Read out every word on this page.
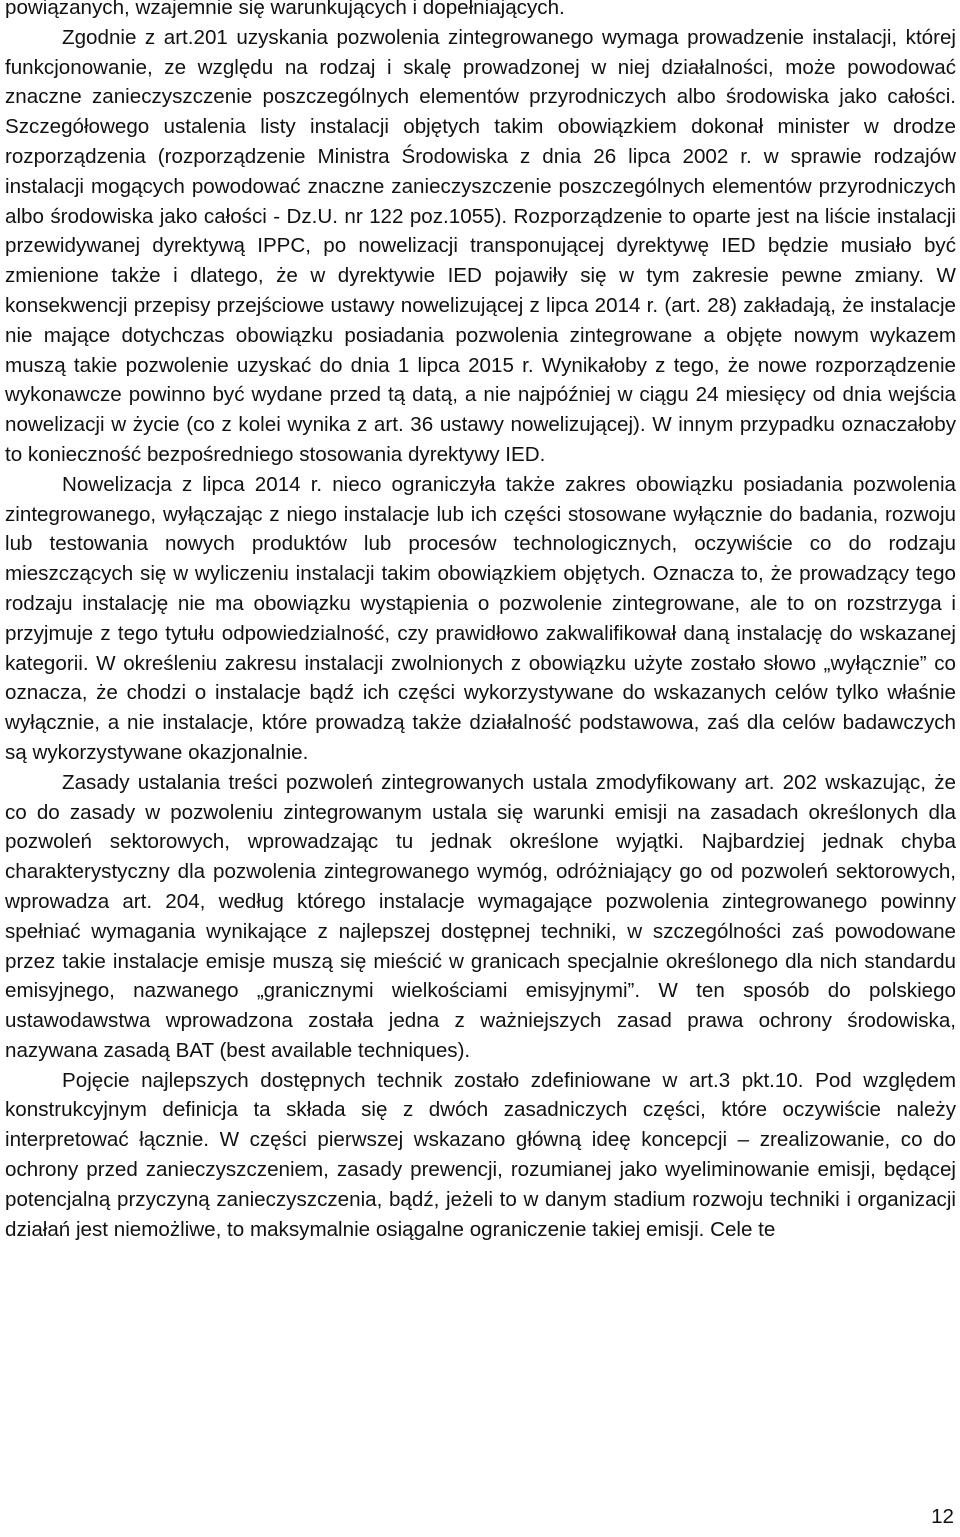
powiązanych, wzajemnie się warunkujących i dopełniających.

Zgodnie z art.201 uzyskania pozwolenia zintegrowanego wymaga prowadzenie instalacji, której funkcjonowanie, ze względu na rodzaj i skalę prowadzonej w niej działalności, może powodować znaczne zanieczyszczenie poszczególnych elementów przyrodniczych albo środowiska jako całości. Szczegółowego ustalenia listy instalacji objętych takim obowiązkiem dokonał minister w drodze rozporządzenia (rozporządzenie Ministra Środowiska z dnia 26 lipca 2002 r. w sprawie rodzajów instalacji mogących powodować znaczne zanieczyszczenie poszczególnych elementów przyrodniczych albo środowiska jako całości - Dz.U. nr 122 poz.1055). Rozporządzenie to oparte jest na liście instalacji przewidywanej dyrektywą IPPC, po nowelizacji transponującej dyrektywę IED będzie musiało być zmienione także i dlatego, że w dyrektywie IED pojawiły się w tym zakresie pewne zmiany. W konsekwencji przepisy przejściowe ustawy nowelizującej z lipca 2014 r. (art. 28) zakładają, że instalacje nie mające dotychczas obowiązku posiadania pozwolenia zintegrowane a objęte nowym wykazem muszą takie pozwolenie uzyskać do dnia 1 lipca 2015 r. Wynikałoby z tego, że nowe rozporządzenie wykonawcze powinno być wydane przed tą datą, a nie najpóźniej w ciągu 24 miesięcy od dnia wejścia nowelizacji w życie (co z kolei wynika z art. 36 ustawy nowelizującej). W innym przypadku oznaczałoby to konieczność bezpośredniego stosowania dyrektywy IED.

Nowelizacja z lipca 2014 r. nieco ograniczyła także zakres obowiązku posiadania pozwolenia zintegrowanego, wyłączając z niego instalacje lub ich części stosowane wyłącznie do badania, rozwoju lub testowania nowych produktów lub procesów technologicznych, oczywiście co do rodzaju mieszczących się w wyliczeniu instalacji takim obowiązkiem objętych. Oznacza to, że prowadzący tego rodzaju instalację nie ma obowiązku wystąpienia o pozwolenie zintegrowane, ale to on rozstrzyga i przyjmuje z tego tytułu odpowiedzialność, czy prawidłowo zakwalifikował daną instalację do wskazanej kategorii. W określeniu zakresu instalacji zwolnionych z obowiązku użyte zostało słowo „wyłącznie” co oznacza, że chodzi o instalacje bądź ich części wykorzystywane do wskazanych celów tylko właśnie wyłącznie, a nie instalacje, które prowadzą także działalność podstawowa, zaś dla celów badawczych są wykorzystywane okazjonalnie.

Zasady ustalania treści pozwoleń zintegrowanych ustala zmodyfikowany art. 202 wskazując, że co do zasady w pozwoleniu zintegrowanym ustala się warunki emisji na zasadach określonych dla pozwoleń sektorowych, wprowadzając tu jednak określone wyjątki. Najbardziej jednak chyba charakterystyczny dla pozwolenia zintegrowanego wymóg, odróżniający go od pozwoleń sektorowych, wprowadza art. 204, według którego instalacje wymagające pozwolenia zintegrowanego powinny spełniać wymagania wynikające z najlepszej dostępnej techniki, w szczególności zaś powodowane przez takie instalacje emisje muszą się mieścić w granicach specjalnie określonego dla nich standardu emisyjnego, nazwanego „granicznymi wielkościami emisyjnymi”. W ten sposób do polskiego ustawodawstwa wprowadzona została jedna z ważniejszych zasad prawa ochrony środowiska, nazywana zasadą BAT (best available techniques).

Pojęcie najlepszych dostępnych technik zostało zdefiniowane w art.3 pkt.10. Pod względem konstrukcyjnym definicja ta składa się z dwóch zasadniczych części, które oczywiście należy interpretować łącznie. W części pierwszej wskazano główną ideę koncepcji – zrealizowanie, co do ochrony przed zanieczyszczeniem, zasady prewencji, rozumianej jako wyeliminowanie emisji, będącej potencjalną przyczyną zanieczyszczenia, bądź, jeżeli to w danym stadium rozwoju techniki i organizacji działań jest niemożliwe, to maksymalnie osiągalne ograniczenie takiej emisji. Cele te

12
